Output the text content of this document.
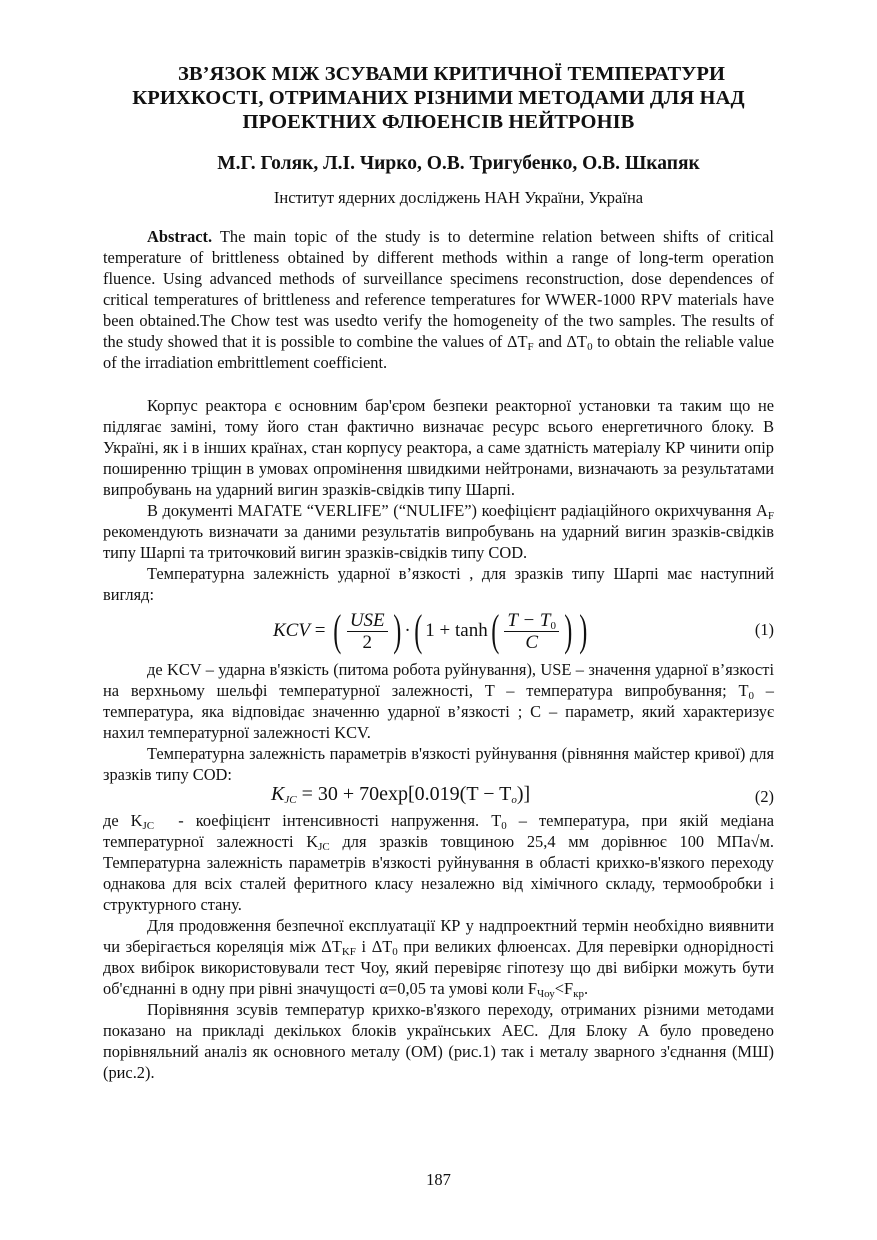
ЗВ’ЯЗОК МІЖ ЗСУВАМИ КРИТИЧНОЇ ТЕМПЕРАТУРИ
КРИХКОСТІ, ОТРИМАНИХ РІЗНИМИ МЕТОДАМИ ДЛЯ НАД
ПРОЕКТНИХ ФЛЮЕНСІВ НЕЙТРОНІВ
М.Г. Голяк, Л.І. Чирко, О.В. Тригубенко, О.В. Шкапяк
Інститут ядерних досліджень НАН України, Україна

Abstract. The main topic of the study is to determine relation between shifts of critical temperature of brittleness obtained by different methods within a range of long-term operation fluence. Using advanced methods of surveillance specimens reconstruction, dose dependences of critical temperatures of brittleness and reference temperatures for WWER-1000 RPV materials have been obtained.The Chow test was usedto verify the homogeneity of the two samples. The results of the study showed that it is possible to combine the values of $\Delta T_F$ and $\Delta T_0$ to obtain the reliable value of the irradiation embrittlement coefficient.

Корпус реактора є основним бар'єром безпеки реакторної установки та таким що не підлягає заміні, тому його стан фактично визначає ресурс всього енергетичного блоку. В Україні, як і в інших країнах, стан корпусу реактора, а саме здатність матеріалу КР чинити опір поширенню тріщин в умовах опромінення швидкими нейтронами, визначають за результатами випробувань на ударний вигин зразків-свідків типу Шарпі.

В документі МАГАТЕ “VERLIFE” (“NULIFE”) коефіцієнт радіаційного окрихчування $A_F$ рекомендують визначати за даними результатів випробувань на ударний вигин зразків-свідків типу Шарпі та триточковий вигин зразків-свідків типу COD.

Температурна залежність ударної в’язкості , для зразків типу Шарпі має наступний вигляд:

KCV = ( $\frac{\text{USE}}{2}$ ) · ( 1 + tanh ( $\frac{T - T_0}{C}$ ) )	(1)

де KCV – ударна в'язкість (питома робота руйнування), USE – значення ударної в’язкості на верхньому шельфі температурної залежності, T – температура випробування; $T_0$ – температура, яка відповідає значенню ударної в’язкості ; C – параметр, який характеризує нахил температурної залежності KCV.

Температурна залежність параметрів в'язкості руйнування (рівняння майстер кривої) для зразків типу COD:

$K_{JC} = 30 + 70\exp[0.019(T - T_o)]$	(2)

де $K_{JC}$  - коефіцієнт інтенсивності напруження. $T_0$ – температура, при якій медіана температурної залежності $K_{JC}$ для зразків товщиною 25,4 мм дорівнює 100 МПа√м. Температурна залежність параметрів в'язкості руйнування в області крихко-в'язкого переходу однакова для всіх сталей феритного класу незалежно від хімічного складу, термообробки і структурного стану.

Для продовження безпечної експлуатації КР у надпроектний термін необхідно виявнити чи зберігається кореляція між $\Delta T_{KF}$ і $\Delta T_0$ при великих флюенсах. Для перевірки однорідності двох вибірок використовували тест Чоу, який перевіряє гіпотезу що дві вибірки можуть бути об'єднанні в одну при рівні значущості α=0,05 та умові коли $F_{Чоу}<F_{кр}$.

Порівняння зсувів температур крихко-в'язкого переходу, отриманих різними методами показано на прикладі декількох блоків українських АЕС. Для Блоку А було проведено порівняльний аналіз як основного металу (ОМ) (рис.1) так і металу зварного з'єднання (МШ) (рис.2).

187
